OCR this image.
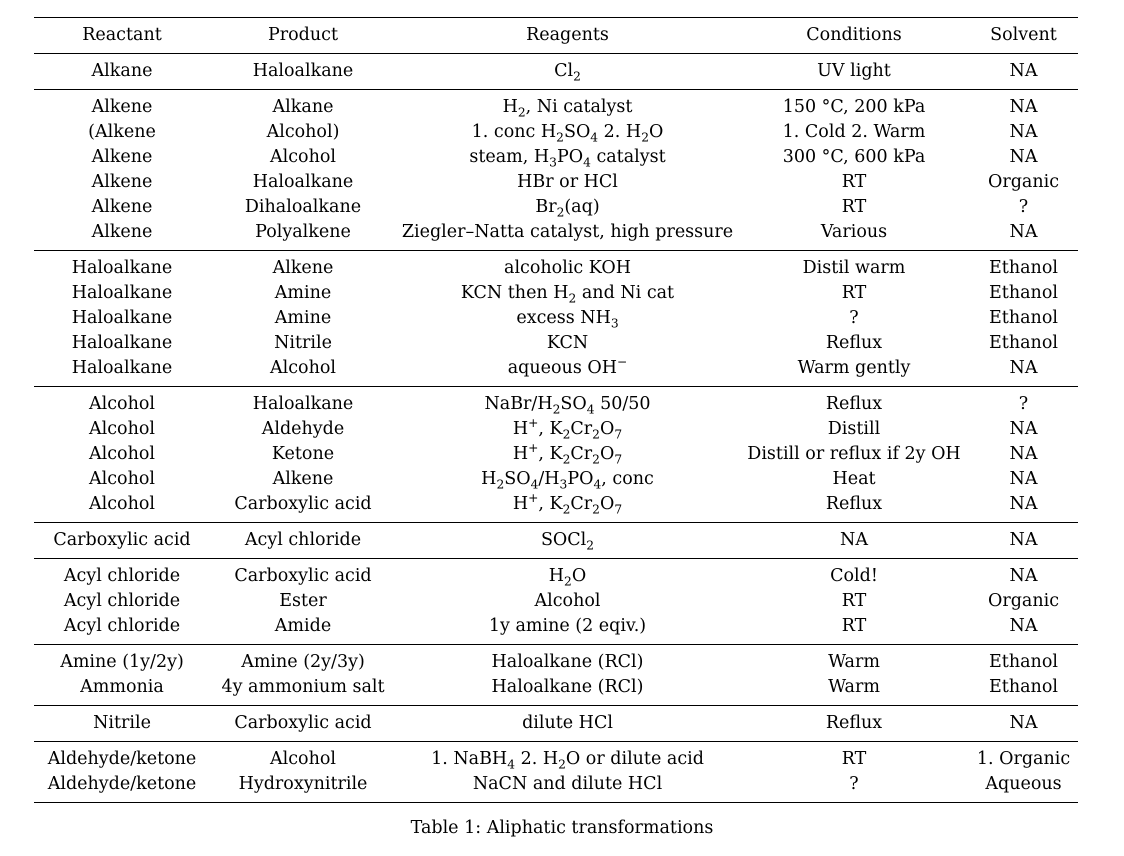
Reactant	Product	Reagents	Conditions	Solvent
Alkane	Haloalkane	$Cl_2$	UV light	NA
Alkene	Alkane	$H_2$, Ni catalyst	150 °C, 200 kPa	NA
(Alkene	Alcohol)	1. conc $H_2SO_4$ 2. $H_2O$	1. Cold 2. Warm	NA
Alkene	Alcohol	steam, $H_3PO_4$ catalyst	300 °C, 600 kPa	NA
Alkene	Haloalkane	HBr or HCl	RT	Organic
Alkene	Dihaloalkane	$Br_2(aq)$	RT	?
Alkene	Polyalkene	Ziegler–Natta catalyst, high pressure	Various	NA
Haloalkane	Alkene	alcoholic KOH	Distil warm	Ethanol
Haloalkane	Amine	KCN then $H_2$ and Ni cat	RT	Ethanol
Haloalkane	Amine	excess $NH_3$	?	Ethanol
Haloalkane	Nitrile	KCN	Reflux	Ethanol
Haloalkane	Alcohol	aqueous OH−	Warm gently	NA
Alcohol	Haloalkane	NaBr/$H_2SO_4$ 50/50	Reflux	?
Alcohol	Aldehyde	H+, $K_2Cr_2O_7$	Distill	NA
Alcohol	Ketone	H+, $K_2Cr_2O_7$	Distill or reflux if 2y OH	NA
Alcohol	Alkene	$H_2SO_4/H_3PO_4$, conc	Heat	NA
Alcohol	Carboxylic acid	H+, $K_2Cr_2O_7$	Reflux	NA
Carboxylic acid	Acyl chloride	SOCl$_2$	NA	NA
Acyl chloride	Carboxylic acid	$H_2O$	Cold!	NA
Acyl chloride	Ester	Alcohol	RT	Organic
Acyl chloride	Amide	1y amine (2 eqiv.)	RT	NA
Amine (1y/2y)	Amine (2y/3y)	Haloalkane (RCl)	Warm	Ethanol
Ammonia	4y ammonium salt	Haloalkane (RCl)	Warm	Ethanol
Nitrile	Carboxylic acid	dilute HCl	Reflux	NA
Aldehyde/ketone	Alcohol	1. NaBH$_4$ 2. $H_2O$ or dilute acid	RT	1. Organic
Aldehyde/ketone	Hydroxynitrile	NaCN and dilute HCl	?	Aqueous
Table 1: Aliphatic transformations
